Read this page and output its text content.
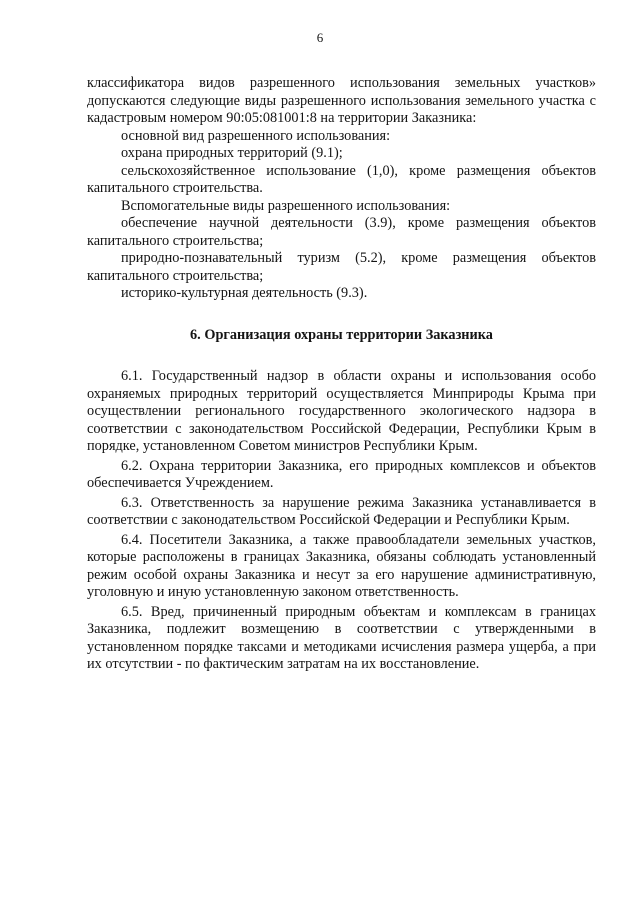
6

классификатора видов разрешенного использования земельных участков» допускаются следующие виды разрешенного использования земельного участка с кадастровым номером 90:05:081001:8 на территории Заказника:

основной вид разрешенного использования:

охрана природных территорий (9.1);

сельскохозяйственное использование (1,0), кроме размещения объектов капитального строительства.

Вспомогательные виды разрешенного использования:

обеспечение научной деятельности (3.9), кроме размещения объектов капитального строительства;

природно-познавательный туризм (5.2), кроме размещения объектов капитального строительства;

историко-культурная деятельность (9.3).

6. Организация охраны территории Заказника

6.1. Государственный надзор в области охраны и использования особо охраняемых природных территорий осуществляется Минприроды Крыма при осуществлении регионального государственного экологического надзора в соответствии с законодательством Российской Федерации, Республики Крым в порядке, установленном Советом министров Республики Крым.

6.2. Охрана территории Заказника, его природных комплексов и объектов обеспечивается Учреждением.

6.3. Ответственность за нарушение режима Заказника устанавливается в соответствии с законодательством Российской Федерации и Республики Крым.

6.4. Посетители Заказника, а также правообладатели земельных участков, которые расположены в границах Заказника, обязаны соблюдать установленный режим особой охраны Заказника и несут за его нарушение административную, уголовную и иную установленную законом ответственность.

6.5. Вред, причиненный природным объектам и комплексам в границах Заказника, подлежит возмещению в соответствии с утвержденными в установленном порядке таксами и методиками исчисления размера ущерба, а при их отсутствии - по фактическим затратам на их восстановление.
